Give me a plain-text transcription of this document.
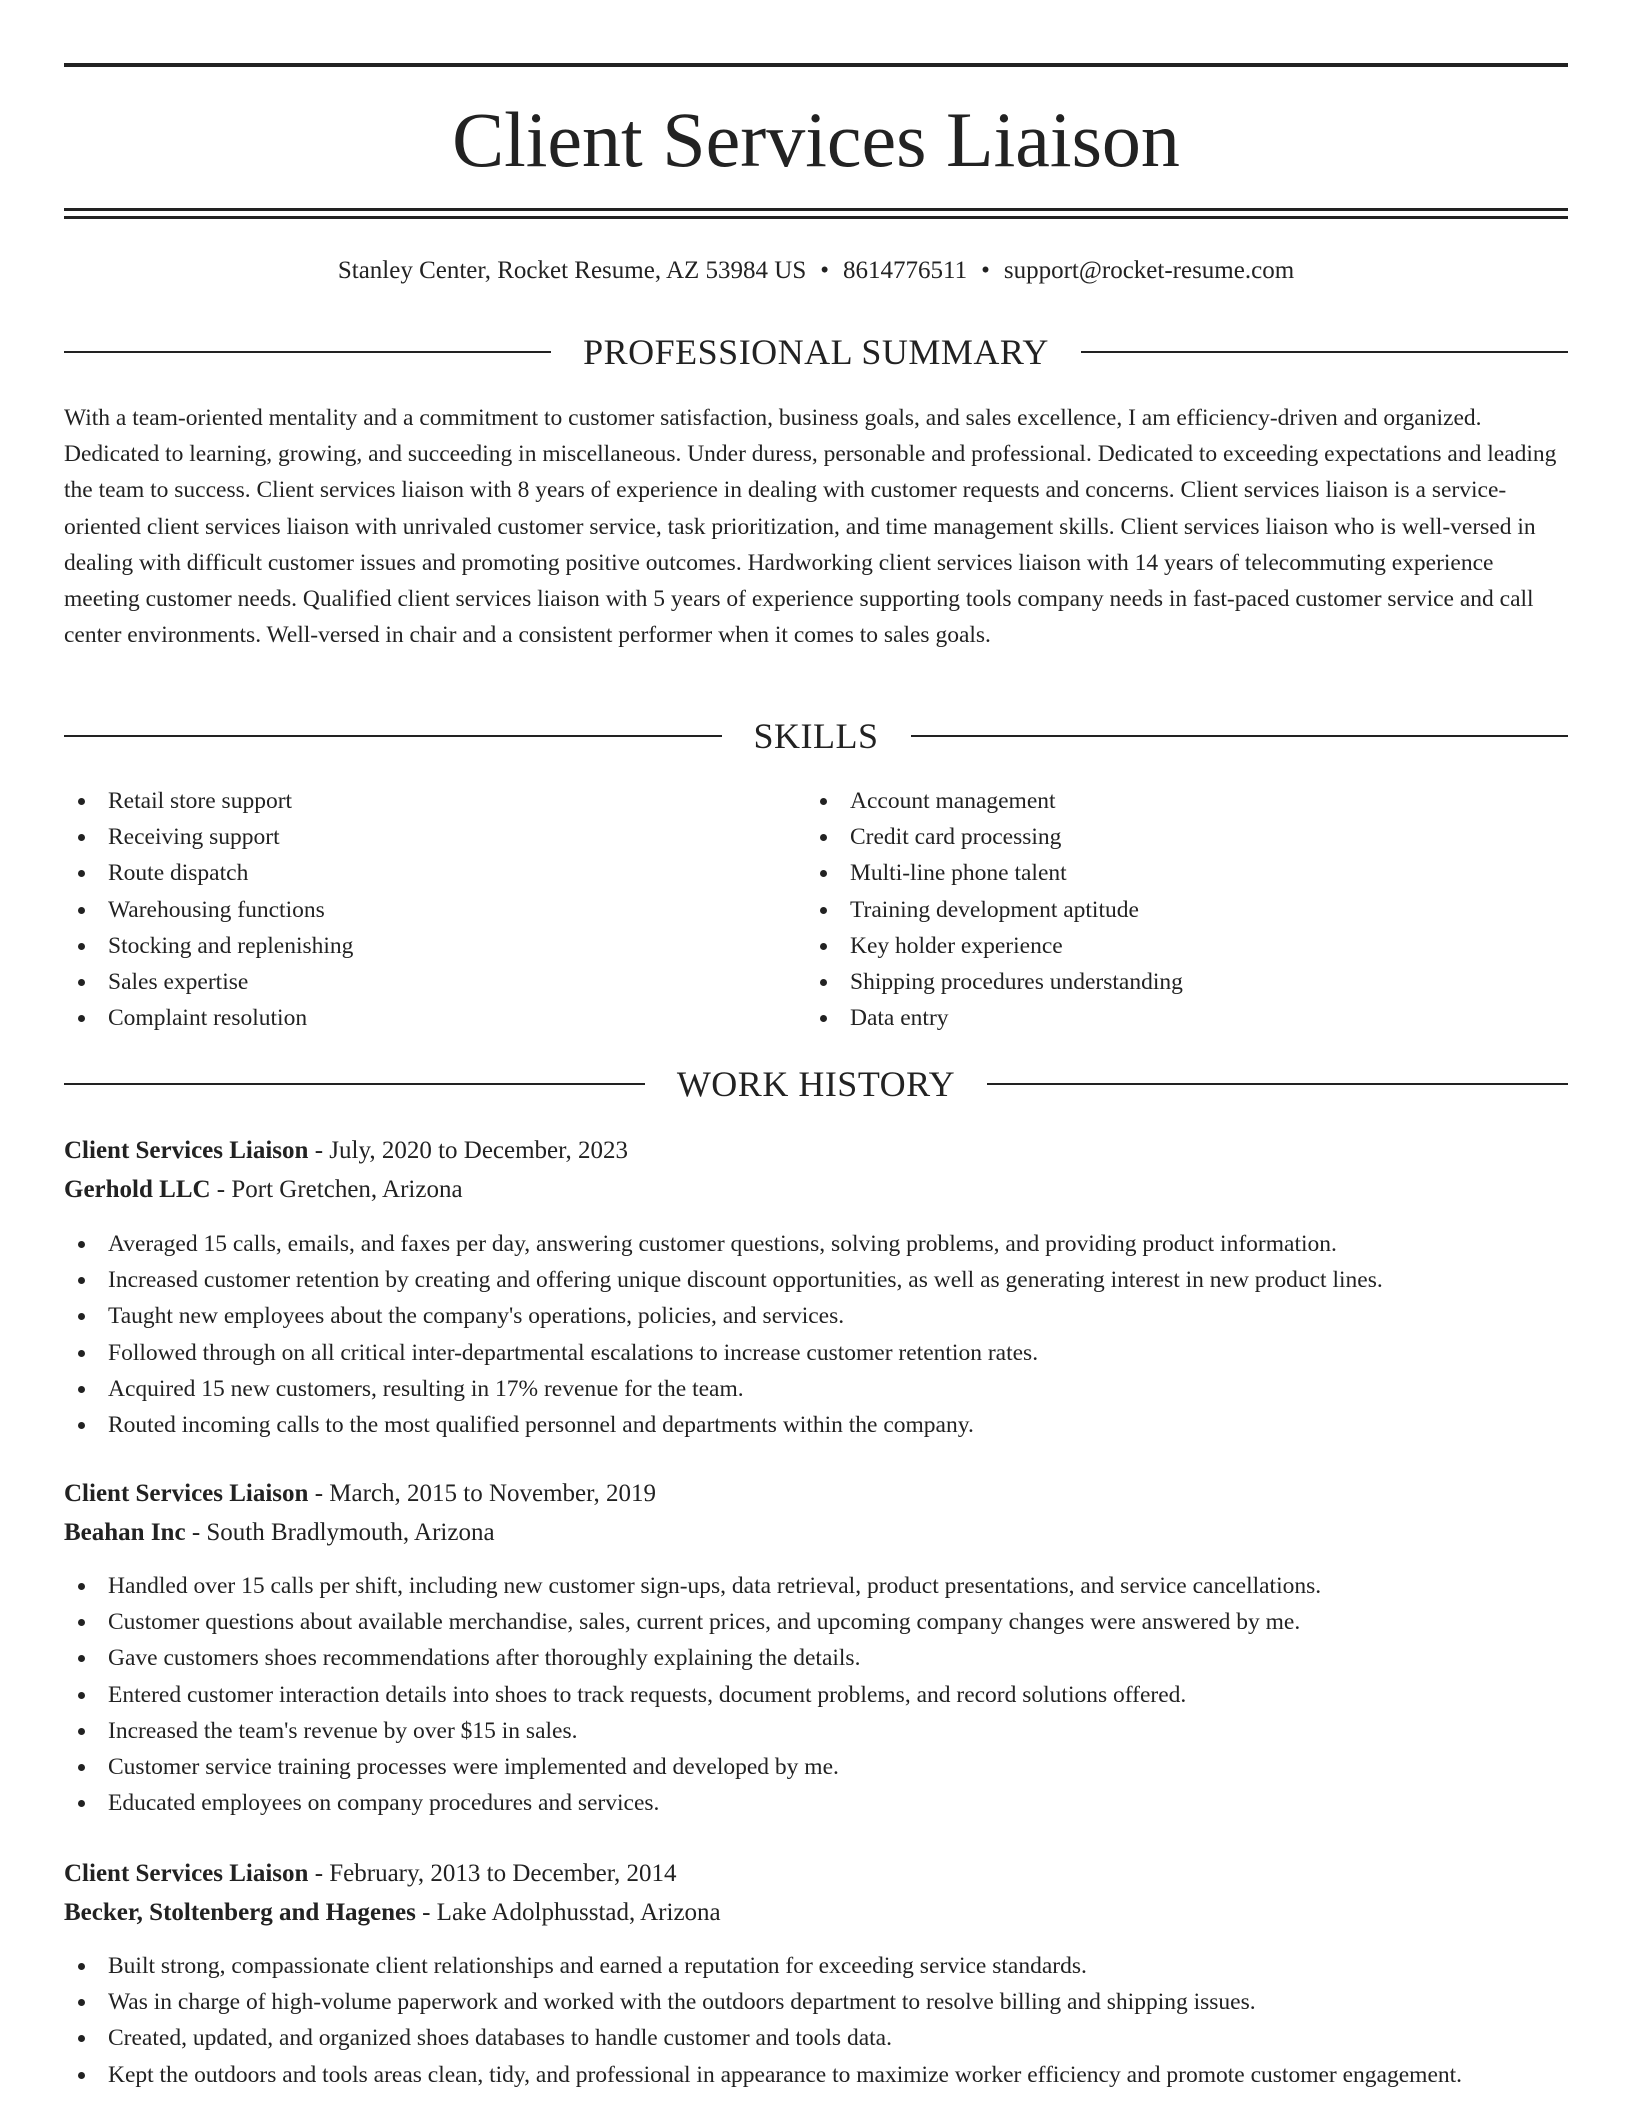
Client Services Liaison
Stanley Center, Rocket Resume, AZ 53984 US • 8614776511 • support@rocket-resume.com
PROFESSIONAL SUMMARY

With a team-oriented mentality and a commitment to customer satisfaction, business goals, and sales excellence, I am efficiency-driven and organized. Dedicated to learning, growing, and succeeding in miscellaneous. Under duress, personable and professional. Dedicated to exceeding expectations and leading the team to success. Client services liaison with 8 years of experience in dealing with customer requests and concerns. Client services liaison is a service-oriented client services liaison with unrivaled customer service, task prioritization, and time management skills. Client services liaison who is well-versed in dealing with difficult customer issues and promoting positive outcomes. Hardworking client services liaison with 14 years of telecommuting experience meeting customer needs. Qualified client services liaison with 5 years of experience supporting tools company needs in fast-paced customer service and call center environments. Well-versed in chair and a consistent performer when it comes to sales goals.

SKILLS
Retail store support
Receiving support
Route dispatch
Warehousing functions
Stocking and replenishing
Sales expertise
Complaint resolution
Account management
Credit card processing
Multi-line phone talent
Training development aptitude
Key holder experience
Shipping procedures understanding
Data entry
WORK HISTORY
Client Services Liaison - July, 2020 to December, 2023
Gerhold LLC - Port Gretchen, Arizona
Averaged 15 calls, emails, and faxes per day, answering customer questions, solving problems, and providing product information.
Increased customer retention by creating and offering unique discount opportunities, as well as generating interest in new product lines.
Taught new employees about the company's operations, policies, and services.
Followed through on all critical inter-departmental escalations to increase customer retention rates.
Acquired 15 new customers, resulting in 17% revenue for the team.
Routed incoming calls to the most qualified personnel and departments within the company.
Client Services Liaison - March, 2015 to November, 2019
Beahan Inc - South Bradlymouth, Arizona
Handled over 15 calls per shift, including new customer sign-ups, data retrieval, product presentations, and service cancellations.
Customer questions about available merchandise, sales, current prices, and upcoming company changes were answered by me.
Gave customers shoes recommendations after thoroughly explaining the details.
Entered customer interaction details into shoes to track requests, document problems, and record solutions offered.
Increased the team's revenue by over $15 in sales.
Customer service training processes were implemented and developed by me.
Educated employees on company procedures and services.
Client Services Liaison - February, 2013 to December, 2014
Becker, Stoltenberg and Hagenes - Lake Adolphusstad, Arizona
Built strong, compassionate client relationships and earned a reputation for exceeding service standards.
Was in charge of high-volume paperwork and worked with the outdoors department to resolve billing and shipping issues.
Created, updated, and organized shoes databases to handle customer and tools data.
Kept the outdoors and tools areas clean, tidy, and professional in appearance to maximize worker efficiency and promote customer engagement.
